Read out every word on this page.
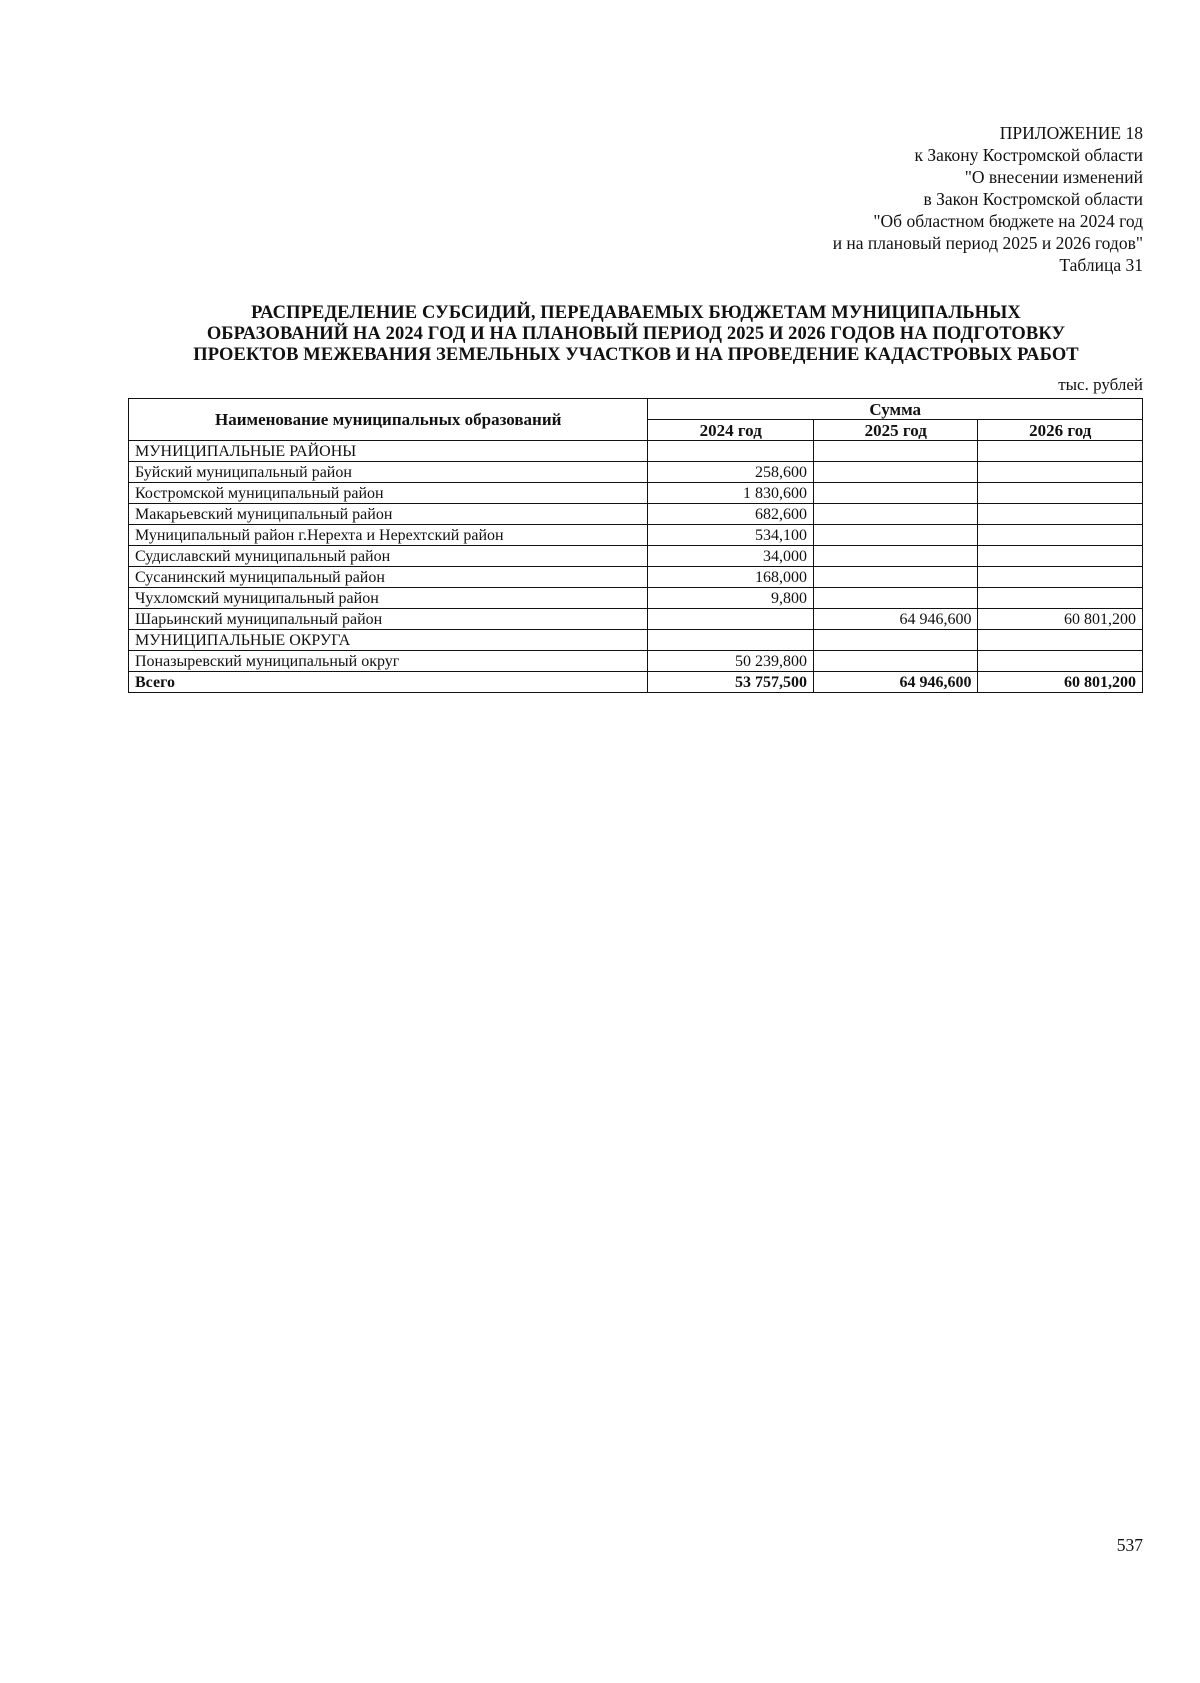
ПРИЛОЖЕНИЕ 18
к Закону Костромской области
"О внесении изменений
в Закон Костромской области
"Об областном бюджете на 2024 год
и на плановый период 2025 и 2026 годов"
Таблица 31
РАСПРЕДЕЛЕНИЕ СУБСИДИЙ, ПЕРЕДАВАЕМЫХ БЮДЖЕТАМ МУНИЦИПАЛЬНЫХ
ОБРАЗОВАНИЙ НА 2024 ГОД И НА ПЛАНОВЫЙ ПЕРИОД 2025 И 2026 ГОДОВ НА ПОДГОТОВКУ
ПРОЕКТОВ МЕЖЕВАНИЯ ЗЕМЕЛЬНЫХ УЧАСТКОВ И НА ПРОВЕДЕНИЕ КАДАСТРОВЫХ РАБОТ
тыс. рублей
Наименование муниципальных образований	Сумма		
	2024 год	2025 год	2026 год
МУНИЦИПАЛЬНЫЕ РАЙОНЫ			
Буйский муниципальный район	258,600		
Костромской муниципальный район	1 830,600		
Макарьевский муниципальный район	682,600		
Муниципальный район г.Нерехта и Нерехтский район	534,100		
Судиславский муниципальный район	34,000		
Сусанинский муниципальный район	168,000		
Чухломский муниципальный район	9,800		
Шарьинский муниципальный район		64 946,600	60 801,200
МУНИЦИПАЛЬНЫЕ ОКРУГА			
Поназыревский муниципальный округ	50 239,800		
Всего	53 757,500	64 946,600	60 801,200
537
